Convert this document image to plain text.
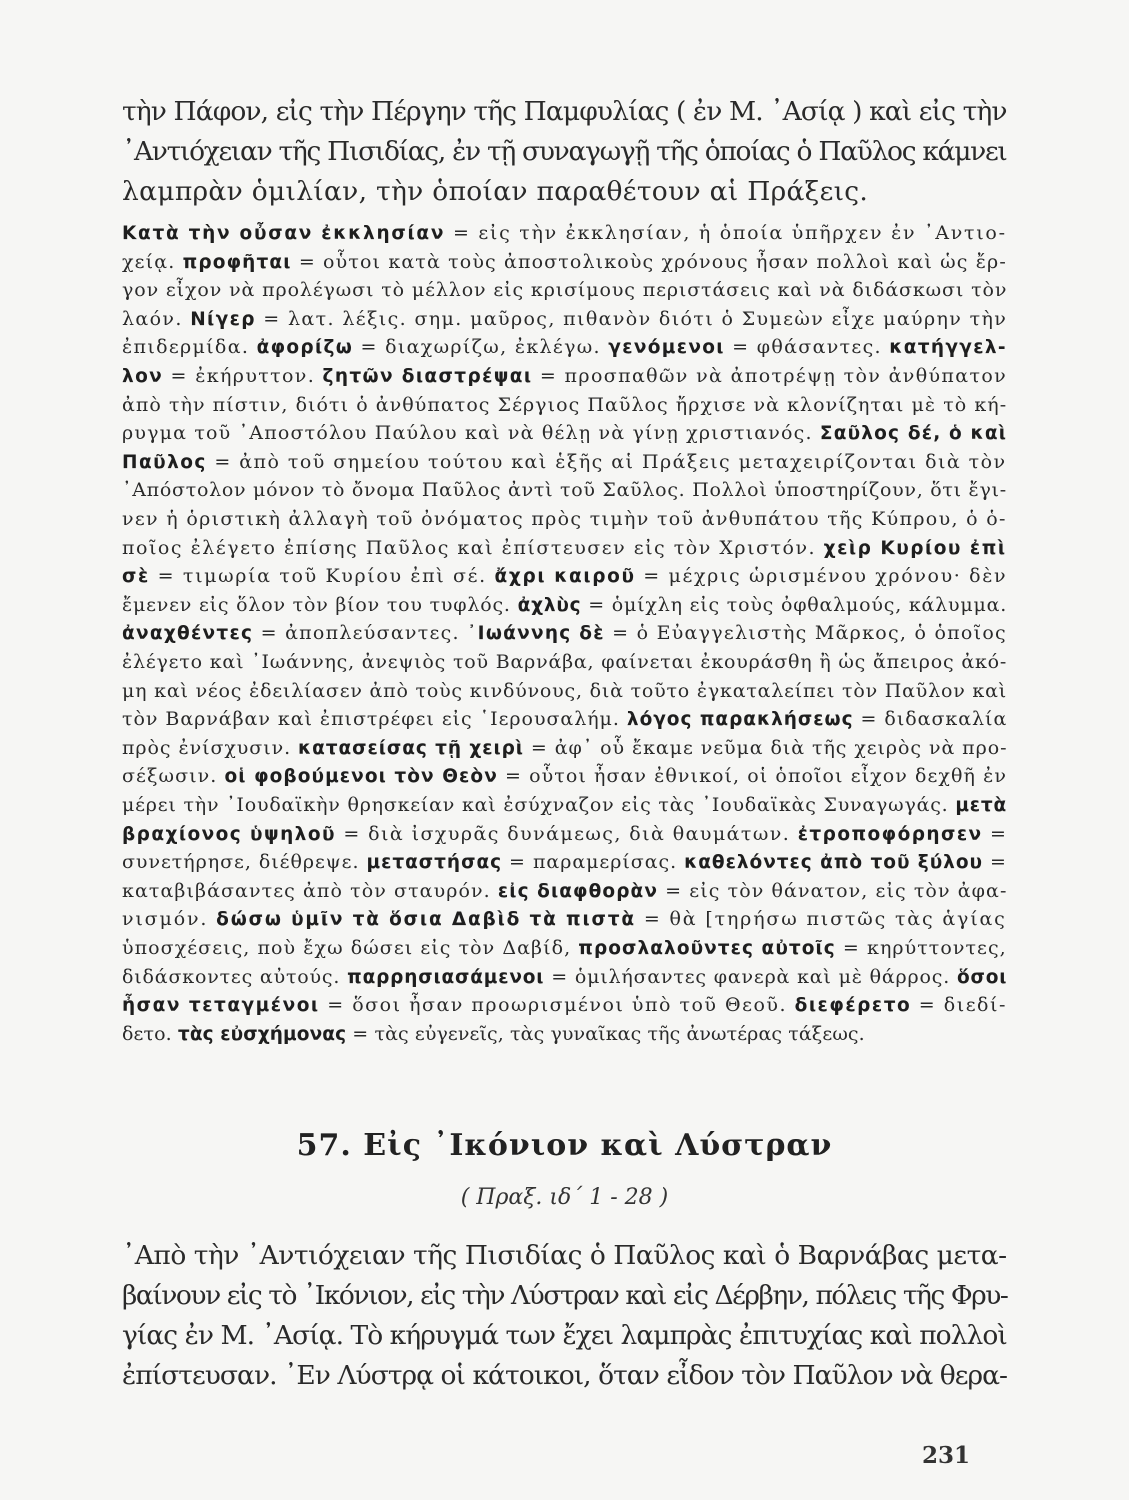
τὴν Πάφον, εἰς τὴν Πέργην τῆς Παμφυλίας ( ἐν Μ. ᾿Ασίᾳ ) καὶ εἰς τὴν
᾿Αντιόχειαν τῆς Πισιδίας, ἐν τῇ συναγωγῇ τῆς ὁποίας ὁ Παῦλος κάμνει
λαμπρὰν ὁμιλίαν, τὴν ὁποίαν παραθέτουν αἱ Πράξεις.
Κατὰ τὴν οὖσαν ἐκκλησίαν = εἰς τὴν ἐκκλησίαν, ἡ ὁποία ὑπῆρχεν ἐν ᾿Αντιο-
χείᾳ. προφῆται = οὗτοι κατὰ τοὺς ἀποστολικοὺς χρόνους ἦσαν πολλοὶ καὶ ὡς ἔρ-
γον εἶχον νὰ προλέγωσι τὸ μέλλον εἰς κρισίμους περιστάσεις καὶ νὰ διδάσκωσι τὸν
λαόν. Νίγερ = λατ. λέξις. σημ. μαῦρος, πιθανὸν διότι ὁ Συμεὼν εἶχε μαύρην τὴν
ἐπιδερμίδα. ἀφορίζω = διαχωρίζω, ἐκλέγω. γενόμενοι = φθάσαντες. κατήγγελ-
λον = ἐκήρυττον. ζητῶν διαστρέψαι = προσπαθῶν νὰ ἀποτρέψῃ τὸν ἀνθύπατον
ἀπὸ τὴν πίστιν, διότι ὁ ἀνθύπατος Σέργιος Παῦλος ἤρχισε νὰ κλονίζηται μὲ τὸ κή-
ρυγμα τοῦ ᾿Αποστόλου Παύλου καὶ νὰ θέλῃ νὰ γίνῃ χριστιανός. Σαῦλος δέ, ὁ καὶ
Παῦλος = ἀπὸ τοῦ σημείου τούτου καὶ ἑξῆς αἱ Πράξεις μεταχειρίζονται διὰ τὸν
᾿Απόστολον μόνον τὸ ὄνομα Παῦλος ἀντὶ τοῦ Σαῦλος. Πολλοὶ ὑποστηρίζουν, ὅτι ἔγι-
νεν ἡ ὁριστικὴ ἀλλαγὴ τοῦ ὀνόματος πρὸς τιμὴν τοῦ ἀνθυπάτου τῆς Κύπρου, ὁ ὁ-
ποῖος ἐλέγετο ἐπίσης Παῦλος καὶ ἐπίστευσεν εἰς τὸν Χριστόν. χεὶρ Κυρίου ἐπὶ
σὲ = τιμωρία τοῦ Κυρίου ἐπὶ σέ. ἄχρι καιροῦ = μέχρις ὡρισμένου χρόνου· δὲν
ἔμενεν εἰς ὅλον τὸν βίον του τυφλός. ἀχλὺς = ὁμίχλη εἰς τοὺς ὀφθαλμούς, κάλυμμα.
ἀναχθέντες = ἀποπλεύσαντες. ᾿Ιωάννης δὲ = ὁ Εὐαγγελιστὴς Μᾶρκος, ὁ ὁποῖος
ἐλέγετο καὶ ᾿Ιωάννης, ἀνεψιὸς τοῦ Βαρνάβα, φαίνεται ἐκουράσθη ἢ ὡς ἄπειρος ἀκό-
μη καὶ νέος ἐδειλίασεν ἀπὸ τοὺς κινδύνους, διὰ τοῦτο ἐγκαταλείπει τὸν Παῦλον καὶ
τὸν Βαρνάβαν καὶ ἐπιστρέφει εἰς ῾Ιερουσαλήμ. λόγος παρακλήσεως = διδασκαλία
πρὸς ἐνίσχυσιν. κατασείσας τῇ χειρὶ = ἀφ᾿ οὗ ἔκαμε νεῦμα διὰ τῆς χειρὸς νὰ προ-
σέξωσιν. οἱ φοβούμενοι τὸν Θεὸν = οὗτοι ἦσαν ἐθνικοί, οἱ ὁποῖοι εἶχον δεχθῆ ἐν
μέρει τὴν ᾿Ιουδαϊκὴν θρησκείαν καὶ ἐσύχναζον εἰς τὰς ᾿Ιουδαϊκὰς Συναγωγάς. μετὰ
βραχίονος ὑψηλοῦ = διὰ ἰσχυρᾶς δυνάμεως, διὰ θαυμάτων. ἐτροποφόρησεν =
συνετήρησε, διέθρεψε. μεταστήσας = παραμερίσας. καθελόντες ἀπὸ τοῦ ξύλου =
καταβιβάσαντες ἀπὸ τὸν σταυρόν. εἰς διαφθορὰν = εἰς τὸν θάνατον, εἰς τὸν ἀφα-
νισμόν. δώσω ὑμῖν τὰ ὅσια Δαβὶδ τὰ πιστὰ = θὰ [τηρήσω πιστῶς τὰς ἁγίας
ὑποσχέσεις, ποὺ ἔχω δώσει εἰς τὸν Δαβίδ, προσλαλοῦντες αὐτοῖς = κηρύττοντες,
διδάσκοντες αὐτούς. παρρησιασάμενοι = ὁμιλήσαντες φανερὰ καὶ μὲ θάρρος. ὅσοι
ἦσαν τεταγμένοι = ὅσοι ἦσαν προωρισμένοι ὑπὸ τοῦ Θεοῦ. διεφέρετο = διεδί-
δετο. τὰς εὐσχήμονας = τὰς εὐγενεῖς, τὰς γυναῖκας τῆς ἀνωτέρας τάξεως.
57. Εἰς ᾿Ικόνιον καὶ Λύστραν
( Πραξ. ιδ΄ 1 - 28 )
᾿Απὸ τὴν ᾿Αντιόχειαν τῆς Πισιδίας ὁ Παῦλος καὶ ὁ Βαρνάβας μετα-
βαίνουν εἰς τὸ ᾿Ικόνιον, εἰς τὴν Λύστραν καὶ εἰς Δέρβην, πόλεις τῆς Φρυ-
γίας ἐν Μ. ᾿Ασίᾳ. Τὸ κήρυγμά των ἔχει λαμπρὰς ἐπιτυχίας καὶ πολλοὶ
ἐπίστευσαν. ᾿Εν Λύστρᾳ οἱ κάτοικοι, ὅταν εἶδον τὸν Παῦλον νὰ θερα-
231
